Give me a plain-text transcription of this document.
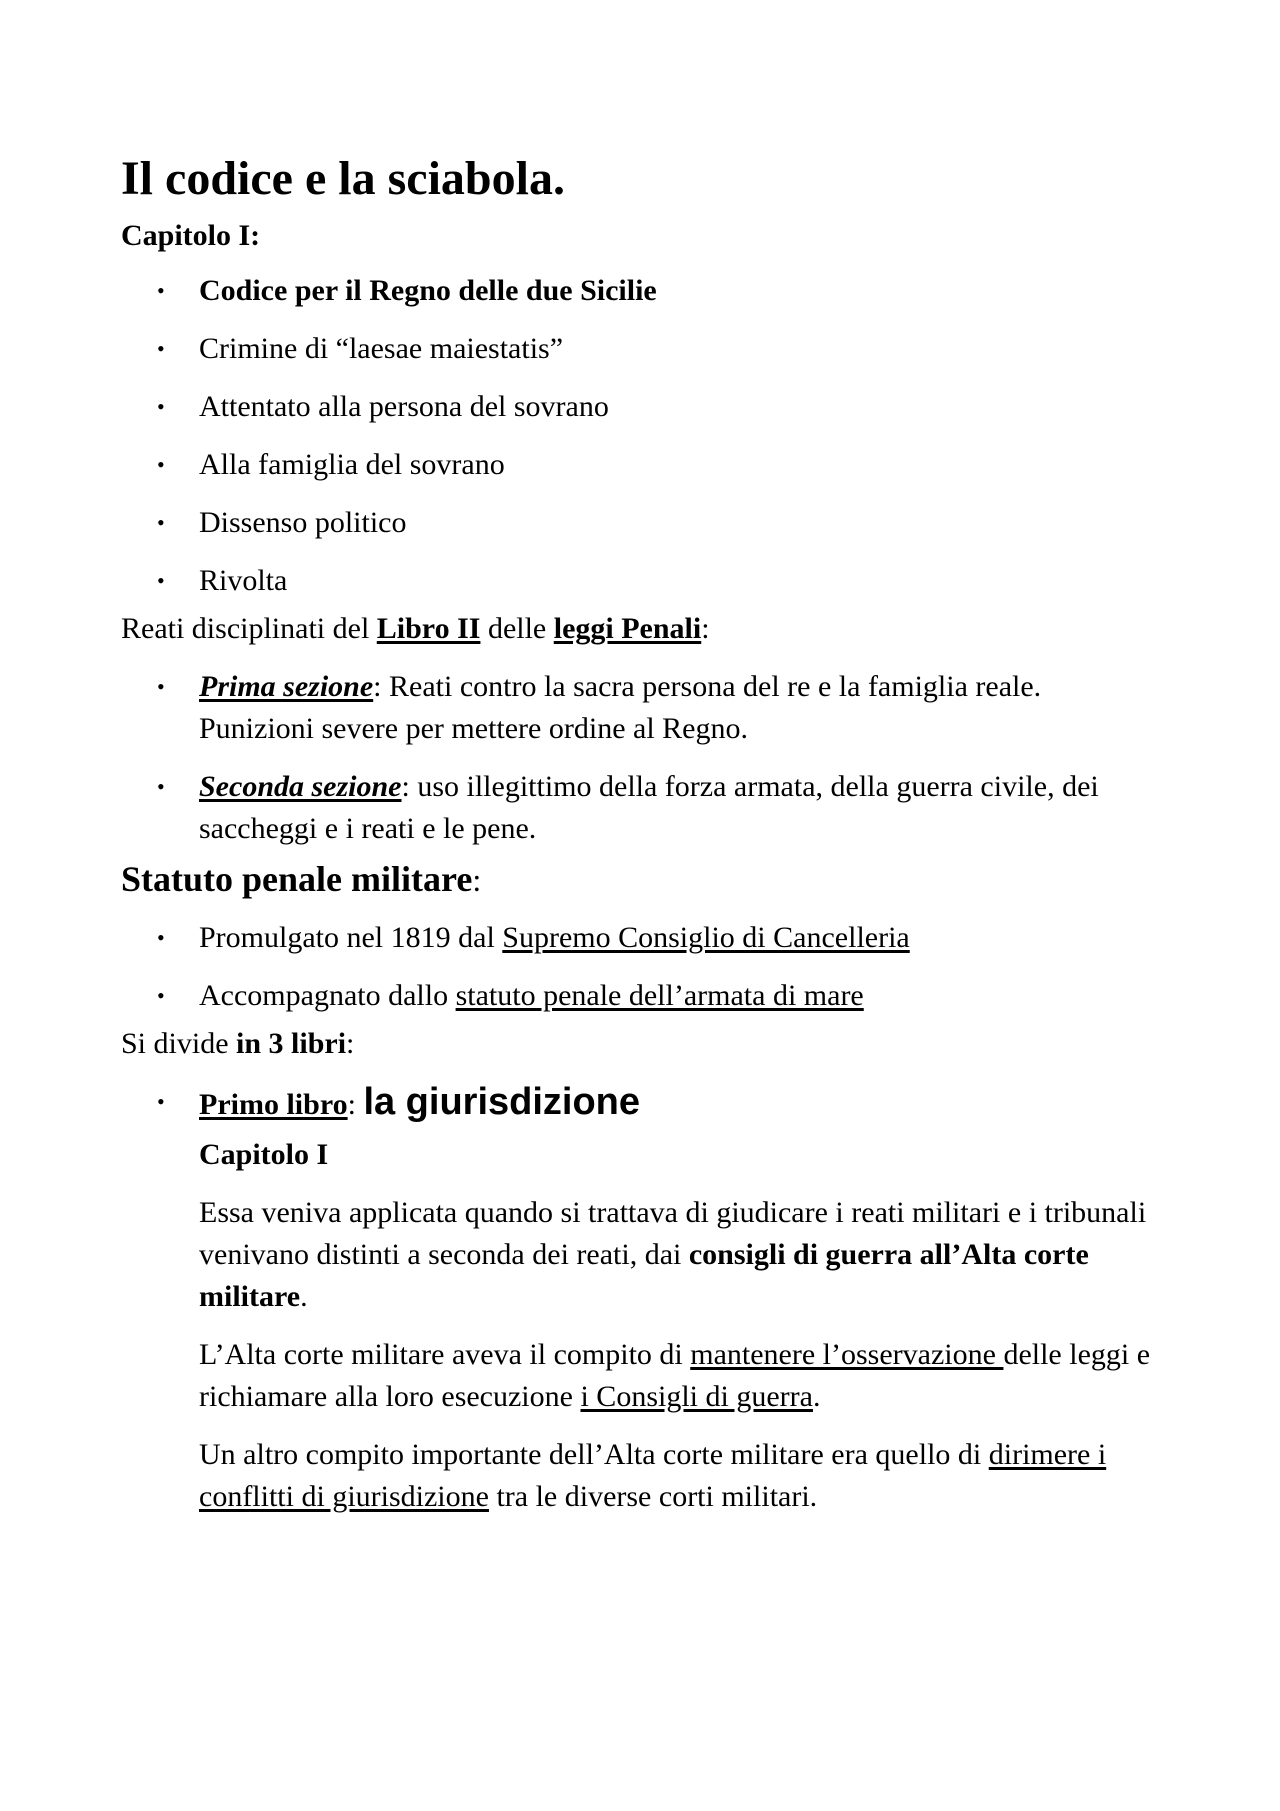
Il codice e la sciabola.
Capitolo I:
• Codice per il Regno delle due Sicilie
• Crimine di “laesae maiestatis”
• Attentato alla persona del sovrano
• Alla famiglia del sovrano
• Dissenso politico
• Rivolta
Reati disciplinati del Libro II delle leggi Penali:
• Prima sezione: Reati contro la sacra persona del re e la famiglia reale. Punizioni severe per mettere ordine al Regno.
• Seconda sezione: uso illegittimo della forza armata, della guerra civile, dei saccheggi e i reati e le pene.
Statuto penale militare:
• Promulgato nel 1819 dal Supremo Consiglio di Cancelleria
• Accompagnato dallo statuto penale dell’armata di mare
Si divide in 3 libri:
• Primo libro: la giurisdizione
Capitolo I
Essa veniva applicata quando si trattava di giudicare i reati militari e i tribunali venivano distinti a seconda dei reati, dai consigli di guerra all’Alta corte militare.
L’Alta corte militare aveva il compito di mantenere l’osservazione delle leggi e richiamare alla loro esecuzione i Consigli di guerra.
Un altro compito importante dell’Alta corte militare era quello di dirimere i conflitti di giurisdizione tra le diverse corti militari.
